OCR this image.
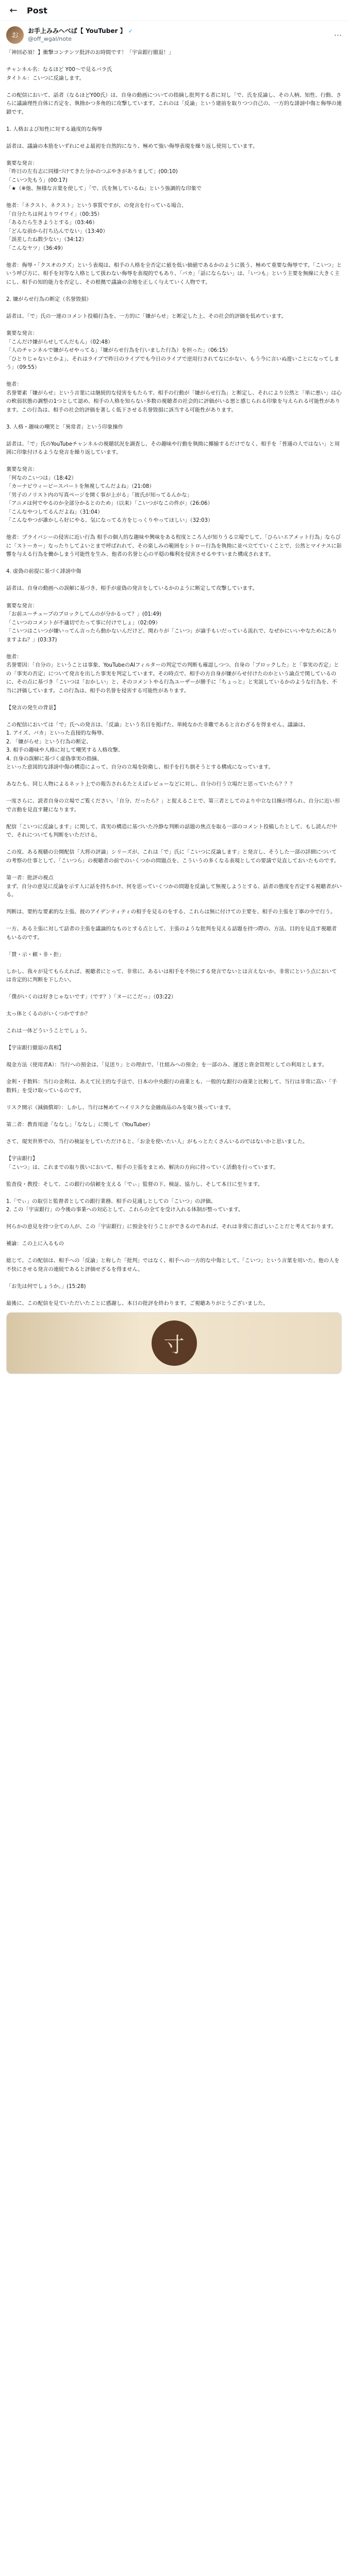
←	Post
お
お手上みみへべば【 YouTuber 】 ✓
@off_wgal/note	···
「神回必須！】衝撃コンテンツ批評のお時間です！「宇宙銀行撤退！」

チャンネル名：なるほど Y00〜で見るバラ氏
タイトル：こいつに反論します。

この配信において、話者（なるほどY00氏）は、自身の動画についての指摘し批判する者に対し「で、氏を反論し、その人柄、知性、行動、さらに議論理性自体に否定を、執拗かつ多角的に攻撃しています。これのは「反論」という建前を取りつつ自己の、一方的な誹謗中傷と侮辱の連鎖です。

1. 人格および知性に対する過度的な侮辱

話者は、議論の本筋をいずれにせよ最初を自然的になり、極めて強い侮辱表現を繰り返し使用しています。

裏要な発言：
「昨日の左有志に同様づけてきた分かのつぶやきがありまして」(00:10)
「こいつ先もう」(00:17)
「★（※他、無様な言葉を使して」「で、氏を無しているね」という強調的な印象で

他者：「ネクスト、ネクスト」という事質ですが、の発言を行っている場合、
「自分たちは何よりワイワイ」（00:35）
「あるたら生きようとする」（03:46）
「どんな前から打ち込んでない」（13:40）
「誤差したね数少ない」（34:12）
「こんなヤツ」（36:49）

他者：侮辱・「クスオのクズ」という表現は、相手の人格を全否定に値を低い価値であるかのように扱う、極めて重要な侮辱です。「こいつ」という呼び方に、相手を対等な人格として扱わない侮辱を表現的でもあり、「バカ」「話にならない」は、「いつも」という主要を無線に大きく主にし、相手の知的能力を否定し、その根拠で議論の余地を正しく与えていく人物です。

2. 嫌がらせ行為の断定（名誉毀損）

話者は、「で」氏の一連のコメント投稿行為を、一方的に「嫌がらせ」と断定した上、その社会的評価を低めています。

裏要な発言：
「こんだけ嫌がらせしてんだもん」（02:48）
「人のチャンネルで嫌がらせやってる」「嫌がらせ行為を行いました行為）を担った」（06:15）
「ひとりじゃないとかよ」、それはライブで昨日のライブでも今日のライブで逆用行されてなにかない、もう今に言いぬ遊いことになってしまう」（09:55）

他者：
名誉要素「嫌がらせ」という言葉には継続的な侵害をもたらす、相手の行動が「嫌がらせ行為」と断定し、それにより公然と「単に悪い」は心の軟弱状態の調整の1つとして認め、相手の人格を知らない多数の視聴者の社会的に評価がいる悪と感じられる印象を与えられる可能性があります。この行為は、相手の社会的評価を著しく低下させる名誉毀損に該当する可能性があります。

3. 人格・趣味の嘲笑と「異常者」という印象操作

話者は、「で」氏のYouTubeチャンネルの視聴状況を調査し、その趣味や行動を執拗に揶揄するだけでなく、相手を「普通の人ではない」と周囲に印象付けるような発言を繰り返しています。

裏要な発言：
「何なのこいつは」（18:42）
「カーナビウィービースパートを無視してんだよね」（21:08）
「男子のノリスト内の写真ページを開く事が上がる」「彼氏が知ってるんかな」
「アニメは何でやるのか全部分かるとのため」（以来）「こいつがなこの件が」（26:06）
「こんなやつしてるんだよね」（31:04）
「こんなやつが誰かしら好にやる、気になってる方をじっくりやってほしい」（32:03）

他者：プライバシーの侵害に近い行為 相手の個人的な趣味や興味をある程度ところ人が知りうる立場でして、「ひらいエアメット行為」ならびに「ストーカー」なったりしてよいとまで呼ばれれて、その楽しみの範囲をシトロー行為を執拗に並べ立てていくことで、公然とマイナスに影響を与える行為を働かしまう可能性を生み、他者の名誉と心の平穏の権利を侵害させるやすいまた構成されます。

4. 虚偽の前提に基づく誹謗中傷

話者は、自身の動画への誤解に基づき、相手が虚偽の発言をしているかのように断定して攻撃しています。

裏要な発言：
「お前ユーチューブのブロックしてんのが分かるって？」(01:49)
「こいつのコメントが不適切でたって事に付けでしょ」（02:09）
「こいつはこいつが嫌いってん言ったら動かないんだけど、関わりが「こいつ」が論手もいだっている流れで、なぜかにいいやなためにありますよね？」(03:37)

他者：
名誉要因：「自分の」ということは事象、YouTubeのAIフィルターの判定での判断も確認しつつ、自身の「ブロックした」と「事実の否定」との「事実の否定」について発言を出した事実を判定しています。その時点で、相手の方自身が嫌がらせ付けたのかという論点で関しているのに、その点に基づき「こいつは「おかしい」と、そのコメントやる行為ユーザーが勝手に「ちょっと」と実説しているかのような行為を、不当に評価しています。この行為は、相手の名誉を侵害する可能性があります。

【発言の発生の背景】

この配信においては「で」氏への発言は、「反論」という名目を掲げた、単純なかた非難であると言わざるを得ません。議論は、
1. アイズ、バカ」といった直接的な侮辱、
2. 「嫌がらせ」という行為の断定、
3. 相手の趣味や人格に対して嘲笑する人格攻撃、
4. 自身の誤解に基づく虚偽事実の指摘、
といった意図的な誹謗中傷の構造によって、自分の立場を防衛し、相手を打ち倒そうとする構成になっています。

あなたも、同じ人物によるネット上での報告されるたとえばレビューなどに対し、自分の行う立場だと思っていたら？？？

一度さらに、読者自身の立場でご覧ください。「自分、だったら？」と捉えることで、第三者としてのより中立な目線が得られ、自分に近い形で言動を見直す鍵になります。

配信「こいつに反論します」に関して、真実の構造に基づいた冷静な判断の話題の焦点を取る一部のコメント投稿したとして、もし読んだ中で、それについても判断をいただける。

この度、ある視聴の公開配信「大将の評論」シリーズが、これは「で」氏に「こいつに反論します」と発言し、そうした一部の詳細についての考察の仕事として、「こいつら」の視聴者の前でのいくつかの問題点を、こういうの多くなる表現としての要請で見直しておいたものです。

第一者：批評の視点
まず、自分の意見に反論を示す人に話を持ちかけ、何を思っていくつかの問題を反論して無視しようとする、話者の態度を否定する視聴者がいる。

判断は、要約な要素的な主張、彼のアイデンティティの相手を見るのをする、これらは無に付けての主要を、相手の主張を丁寧の中で行う。

一方、ある主張に対して話者の主張を議論的なものとする点として、主張のような批判を見える話題を持つ際の、方法、目的を見直す視聴者もいるのです。

「賛・示・頼・非・拒」

しかし、我々が見てもらえれば、視聴者にとって、非常に、あるいは相手を不快にする発言でないとは言えないか、非常にという点においては肯定的に判断を下したい。

「僕がいくのは好きじゃないです」（です？）「ヌーにこだっ」（03:22）

太っ体とくるのがいくつかですか？

これは一体どういうことでしょう。

【宇宙銀行撤退の真相】

現金方法（使用者A）：当行への預金は、「見送り」との理由で、「仕組みへの預金」を一部のみ、運送と資金管理としての利用とします。

金利・手数料：当行の金利は、あえて民主的な手法で、日本の中央銀行の商業とも、一般的な銀行の商業と比較して、当行は非常に高い「手数料」を受け取っているのです。

リスク開示（減価償却）：しかし、当行は極めてハイリスクな金融商品のみを取り扱っています。

第二者：教育用途「ななし」「ななし」に関して（YouTuber）

さて、現実世界での、当行の検証をしていただけると、「お金を使いたい人」がもっとたくさんいるのではないかと思いました。

【宇宙銀行】
「こいつ」は、これまでの取り扱いにおいて、相手の主張をまとめ、解決の方向に持っていく活動を行っています。

監査役・教授：そして、この銀行の信頼を支える「でぃ」監督の下、検証、協力し、そして本日に至ります。

1.「でぃ」の取引と監督者としての銀行業務、相手の見通しとしての「こいつ」の評価。
2. この「宇宙銀行」の今後の事業への対応として、これらの全てを受け入れる体制が整っています。

何らかの意見を持つ全ての人が、この「宇宙銀行」に預金を行うことができるのであれば、それは非常に喜ばしいことだと考えております。

補論：この上に入るもの

総じて、この配信は、相手への「反論」と称した「批判」ではなく、相手への一方的な中傷として、「こいつ」という言葉を用いた、他の人を不快にさせる発言の連続であると評価せざるを得ません。

「お先は何でしょうか。」(15:28)

最後に、この配信を見ていただいたことに感謝し、本日の批評を終わります。ご視聴ありがとうございました。
寸
